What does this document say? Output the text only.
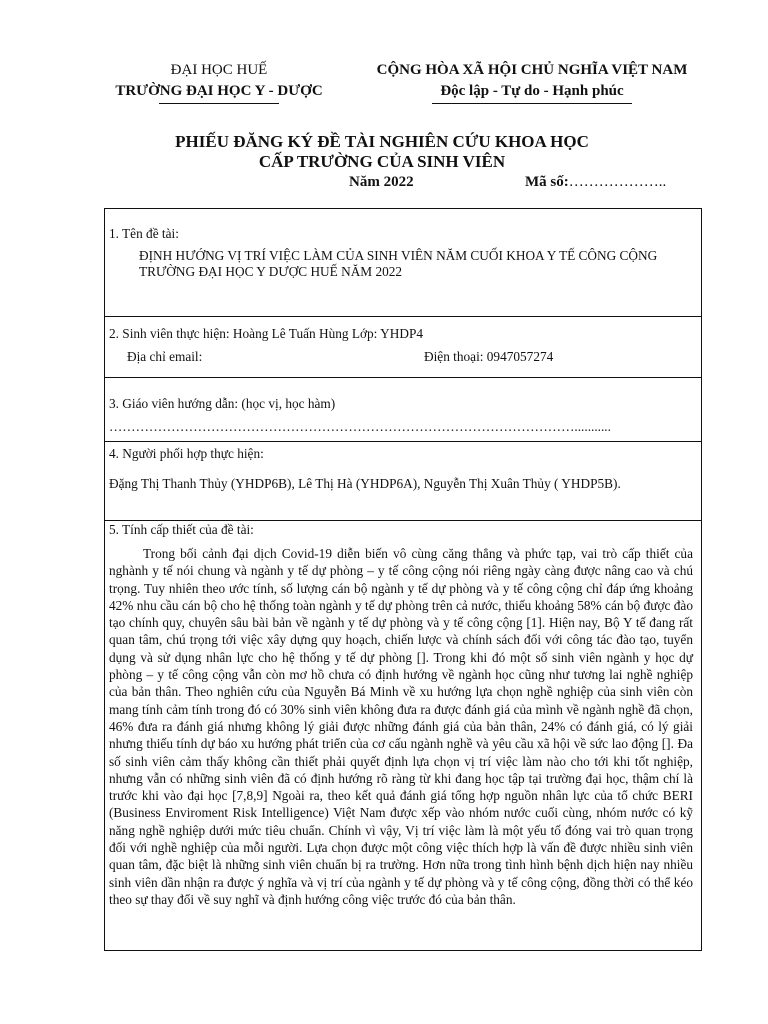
ĐẠI HỌC HUẾ
TRƯỜNG ĐẠI HỌC Y - DƯỢC
CỘNG HÒA XÃ HỘI CHỦ NGHĨA VIỆT NAM
Độc lập - Tự do - Hạnh phúc
PHIẾU ĐĂNG KÝ ĐỀ TÀI NGHIÊN CỨU KHOA HỌC
CẤP TRƯỜNG CỦA SINH VIÊN
Năm 2022	Mã số:………………..

1. Tên đề tài:

ĐỊNH HƯỚNG VỊ TRÍ VIỆC LÀM CỦA SINH VIÊN NĂM CUỐI KHOA Y TẾ CÔNG CỘNG TRƯỜNG ĐẠI HỌC Y DƯỢC HUẾ NĂM 2022

2. Sinh viên thực hiện: Hoàng Lê Tuấn Hùng Lớp: YHDP4

Địa chỉ email:	Điện thoại: 0947057274

3. Giáo viên hướng dẫn: (học vị, học hàm)

……………………………………………………………………………………………...........

4. Người phối hợp thực hiện:

Đặng Thị Thanh Thủy (YHDP6B), Lê Thị Hà (YHDP6A), Nguyễn Thị Xuân Thủy ( YHDP5B).

5. Tính cấp thiết của đề tài:

Trong bối cảnh đại dịch Covid-19 diễn biến vô cùng căng thẳng và phức tạp, vai trò cấp thiết của nghành y tế nói chung và ngành y tế dự phòng – y tế công cộng nói riêng ngày càng được nâng cao và chú trọng. Tuy nhiên theo ước tính, số lượng cán bộ ngành y tế dự phòng và y tế công cộng chỉ đáp ứng khoảng 42% nhu cầu cán bộ cho hệ thống toàn ngành y tế dự phòng trên cả nước, thiếu khoảng 58% cán bộ được đào tạo chính quy, chuyên sâu bài bản về ngành y tế dự phòng và y tế công cộng [1]. Hiện nay, Bộ Y tế đang rất quan tâm, chú trọng tới việc xây dựng quy hoạch, chiến lược và chính sách đối với công tác đào tạo, tuyển dụng và sử dụng nhân lực cho hệ thống y tế dự phòng []. Trong khi đó một số sinh viên ngành y học dự phòng – y tế công cộng vẫn còn mơ hồ chưa có định hướng về ngành học cũng như tương lai nghề nghiệp của bản thân. Theo nghiên cứu của Nguyễn Bá Minh về xu hướng lựa chọn nghề nghiệp của sinh viên còn mang tính cảm tính trong đó có 30% sinh viên không đưa ra được đánh giá của mình về ngành nghề đã chọn, 46% đưa ra đánh giá nhưng không lý giải được những đánh giá của bản thân, 24% có đánh giá, có lý giải nhưng thiếu tính dự báo xu hướng phát triển của cơ cấu ngành nghề và yêu cầu xã hội về sức lao động []. Đa số sinh viên cảm thấy không cần thiết phải quyết định lựa chọn vị trí việc làm nào cho tới khi tốt nghiệp, nhưng vẫn có những sinh viên đã có định hướng rõ ràng từ khi đang học tập tại trường đại học, thậm chí là trước khi vào đại học [7,8,9] Ngoài ra, theo kết quả đánh giá tổng hợp nguồn nhân lực của tổ chức BERI (Business Enviroment Risk Intelligence) Việt Nam được xếp vào nhóm nước cuối cùng, nhóm nước có kỹ năng nghề nghiệp dưới mức tiêu chuẩn. Chính vì vậy, Vị trí việc làm là một yếu tố đóng vai trò quan trọng đối với nghề nghiệp của mỗi người. Lựa chọn được một công việc thích hợp là vấn đề được nhiều sinh viên quan tâm, đặc biệt là những sinh viên chuẩn bị ra trường. Hơn nữa trong tình hình bệnh dịch hiện nay nhiều sinh viên dần nhận ra được ý nghĩa và vị trí của ngành y tế dự phòng và y tế công cộng, đồng thời có thể kéo theo sự thay đổi về suy nghĩ và định hướng công việc trước đó của bản thân.
